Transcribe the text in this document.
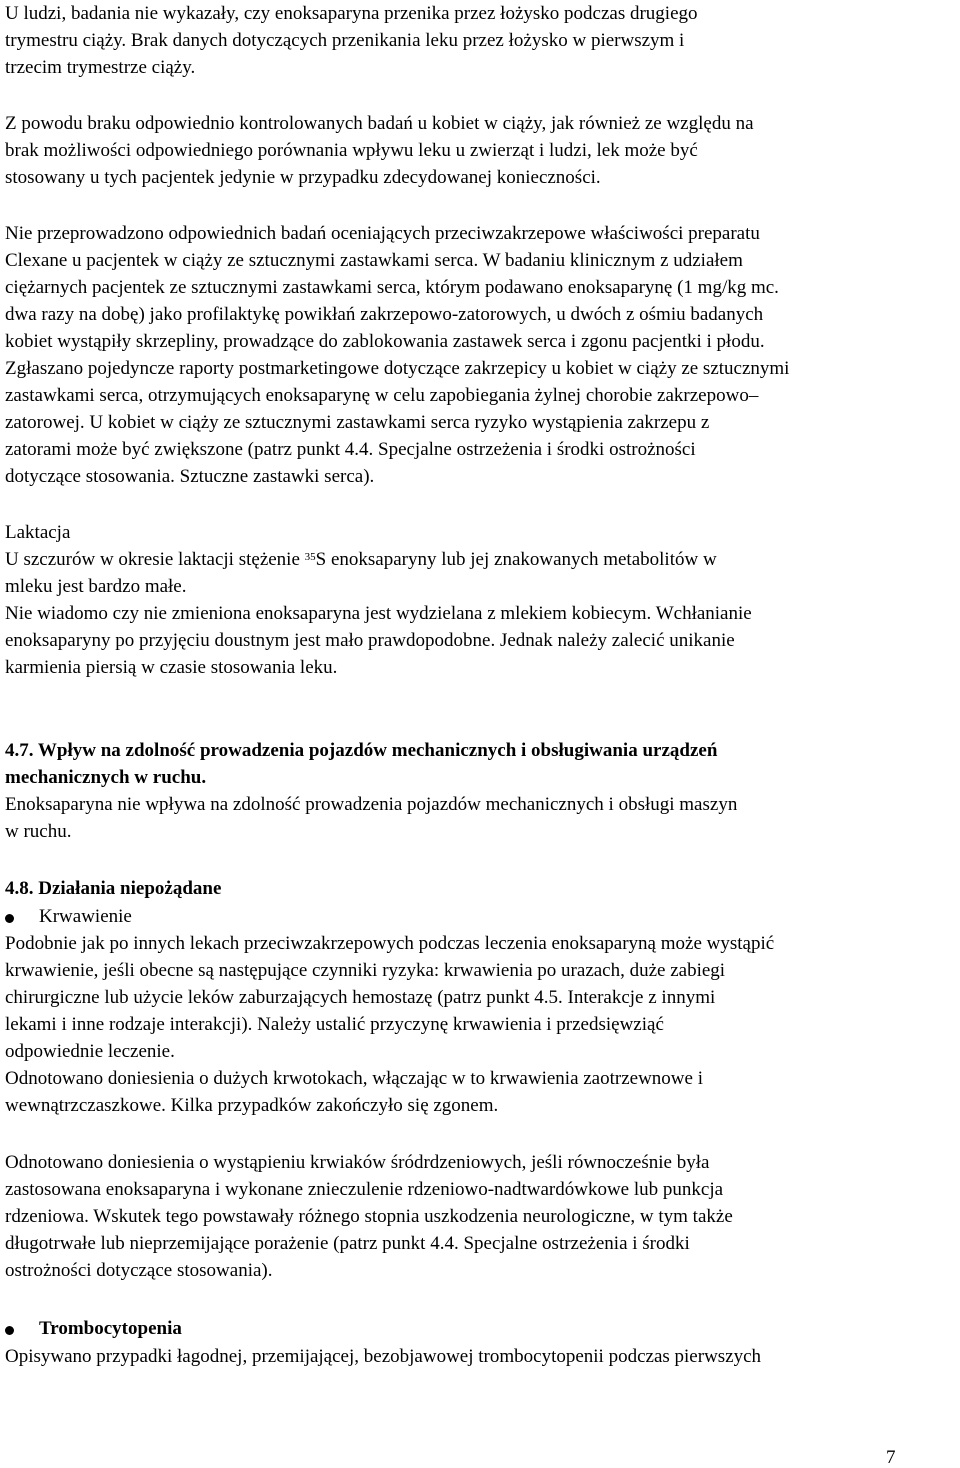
U ludzi, badania nie wykazały, czy enoksaparyna przenika przez łożysko podczas drugiego
trymestru ciąży. Brak danych dotyczących przenikania leku przez łożysko w pierwszym i
trzecim trymestrze ciąży.
Z powodu braku odpowiednio kontrolowanych badań u kobiet w ciąży, jak również ze względu na
brak możliwości odpowiedniego porównania wpływu leku u zwierząt i ludzi, lek może być
stosowany u tych pacjentek jedynie w przypadku zdecydowanej konieczności.
Nie przeprowadzono odpowiednich badań oceniających przeciwzakrzepowe właściwości preparatu
Clexane u pacjentek w ciąży ze sztucznymi zastawkami serca. W badaniu klinicznym z udziałem
ciężarnych pacjentek ze sztucznymi zastawkami serca, którym podawano enoksaparynę (1 mg/kg mc.
dwa razy na dobę) jako profilaktykę powikłań zakrzepowo-zatorowych, u dwóch z ośmiu badanych
kobiet wystąpiły skrzepliny, prowadzące do zablokowania zastawek serca i zgonu pacjentki i płodu.
Zgłaszano pojedyncze raporty postmarketingowe dotyczące zakrzepicy u kobiet w ciąży ze sztucznymi
zastawkami serca, otrzymujących enoksaparynę w celu zapobiegania żylnej chorobie zakrzepowo–
zatorowej. U kobiet w ciąży ze sztucznymi zastawkami serca ryzyko wystąpienia zakrzepu z
zatorami może być zwiększone (patrz punkt 4.4. Specjalne ostrzeżenia i środki ostrożności
dotyczące stosowania. Sztuczne zastawki serca).
Laktacja
U szczurów w okresie laktacji stężenie $^{35}$S enoksaparyny lub jej znakowanych metabolitów w
mleku jest bardzo małe.
Nie wiadomo czy nie zmieniona enoksaparyna jest wydzielana z mlekiem kobiecym. Wchłanianie
enoksaparyny po przyjęciu doustnym jest mało prawdopodobne. Jednak należy zalecić unikanie
karmienia piersią w czasie stosowania leku.
4.7. Wpływ na zdolność prowadzenia pojazdów mechanicznych i obsługiwania urządzeń
mechanicznych w ruchu.
Enoksaparyna nie wpływa na zdolność prowadzenia pojazdów mechanicznych i obsługi maszyn
w ruchu.
4.8. Działania niepożądane
Krwawienie
Podobnie jak po innych lekach przeciwzakrzepowych podczas leczenia enoksaparyną może wystąpić
krwawienie, jeśli obecne są następujące czynniki ryzyka: krwawienia po urazach, duże zabiegi
chirurgiczne lub użycie leków zaburzających hemostazę (patrz punkt 4.5. Interakcje z innymi
lekami i inne rodzaje interakcji). Należy ustalić przyczynę krwawienia i przedsięwziąć
odpowiednie leczenie.
Odnotowano doniesienia o dużych krwotokach, włączając w to krwawienia zaotrzewnowe i
wewnątrzczaszkowe. Kilka przypadków zakończyło się zgonem.
Odnotowano doniesienia o wystąpieniu krwiaków śródrdzeniowych, jeśli równocześnie była
zastosowana enoksaparyna i wykonane znieczulenie rdzeniowo-nadtwardówkowe lub punkcja
rdzeniowa. Wskutek tego powstawały różnego stopnia uszkodzenia neurologiczne, w tym także
długotrwałe lub nieprzemijające porażenie (patrz punkt 4.4. Specjalne ostrzeżenia i środki
ostrożności dotyczące stosowania).
Trombocytopenia
Opisywano przypadki łagodnej, przemijającej, bezobjawowej trombocytopenii podczas pierwszych
7
